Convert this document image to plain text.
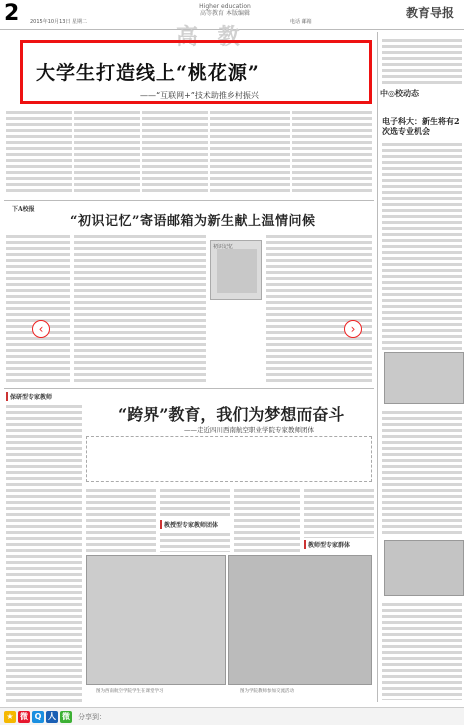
2	Higher education
高等教育 本版编辑	教育导报
2015年10月13日 星期二	电话 邮箱
高 教
大学生打造线上“桃花源”
——“互联网+”技术助推乡村振兴	中◎校动态
电子科大：新生将有2次选专业机会
下A校报
“初识记忆”寄语邮箱为新生献上温情问候
初识记忆
‹	›
保研型专家教师
“跨界”教育，我们为梦想而奋斗
——走近四川西南航空职业学院专家教师团体
教授型专家教师团体
教师型专家群体
图为西南航空学院学生在课堂学习	图为学院教师参加交流活动
★ 微 Q 人 微 分享到：
